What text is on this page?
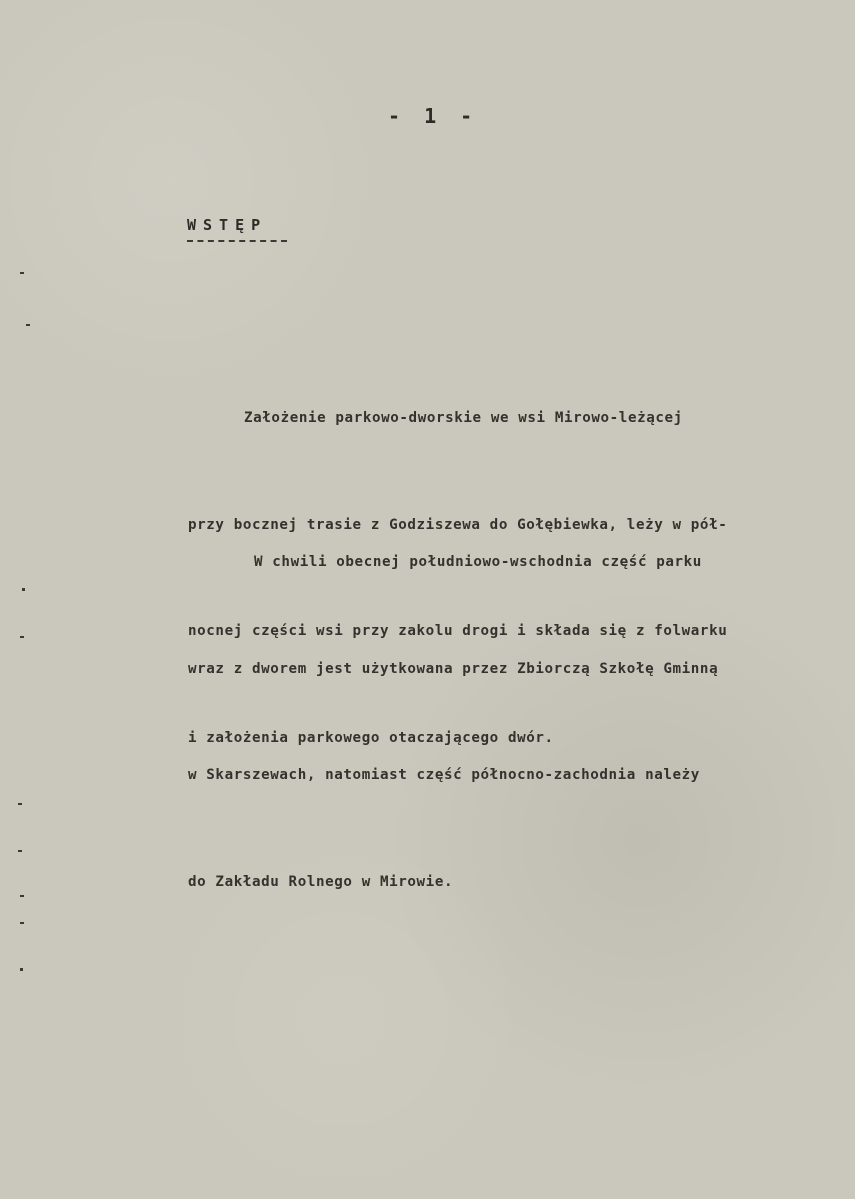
- 1 -
WSTĘP

Założenie parkowo-dworskie we wsi Mirowo-leżącej

przy bocznej trasie z Godziszewa do Gołębiewka, leży w pół-

nocnej części wsi przy zakolu drogi i składa się z folwarku

i założenia parkowego otaczającego dwór.

W chwili obecnej południowo-wschodnia część parku

wraz z dworem jest użytkowana przez Zbiorczą Szkołę Gminną

w Skarszewach, natomiast część północno-zachodnia należy

do Zakładu Rolnego w Mirowie.
